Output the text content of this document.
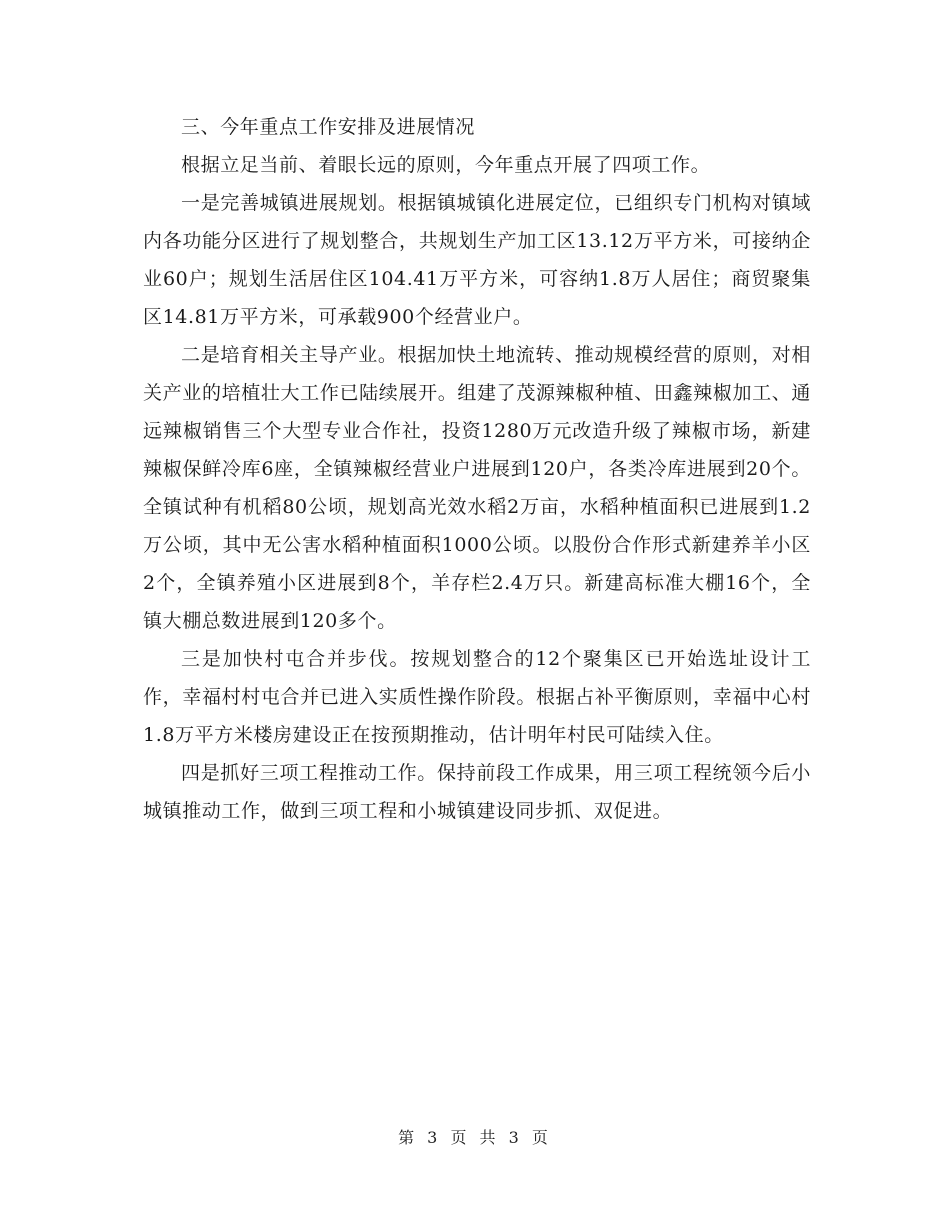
三、今年重点工作安排及进展情况

根据立足当前、着眼长远的原则，今年重点开展了四项工作。

一是完善城镇进展规划。根据镇城镇化进展定位，已组织专门机构对镇域内各功能分区进行了规划整合，共规划生产加工区13.12万平方米，可接纳企业60户；规划生活居住区104.41万平方米，可容纳1.8万人居住；商贸聚集区14.81万平方米，可承载900个经营业户。

二是培育相关主导产业。根据加快土地流转、推动规模经营的原则，对相关产业的培植壮大工作已陆续展开。组建了茂源辣椒种植、田鑫辣椒加工、通远辣椒销售三个大型专业合作社，投资1280万元改造升级了辣椒市场，新建辣椒保鲜冷库6座，全镇辣椒经营业户进展到120户，各类冷库进展到20个。全镇试种有机稻80公顷，规划高光效水稻2万亩，水稻种植面积已进展到1.2万公顷，其中无公害水稻种植面积1000公顷。以股份合作形式新建养羊小区2个，全镇养殖小区进展到8个，羊存栏2.4万只。新建高标准大棚16个，全镇大棚总数进展到120多个。

三是加快村屯合并步伐。按规划整合的12个聚集区已开始选址设计工作，幸福村村屯合并已进入实质性操作阶段。根据占补平衡原则，幸福中心村1.8万平方米楼房建设正在按预期推动，估计明年村民可陆续入住。

四是抓好三项工程推动工作。保持前段工作成果，用三项工程统领今后小城镇推动工作，做到三项工程和小城镇建设同步抓、双促进。

第 3 页 共 3 页
